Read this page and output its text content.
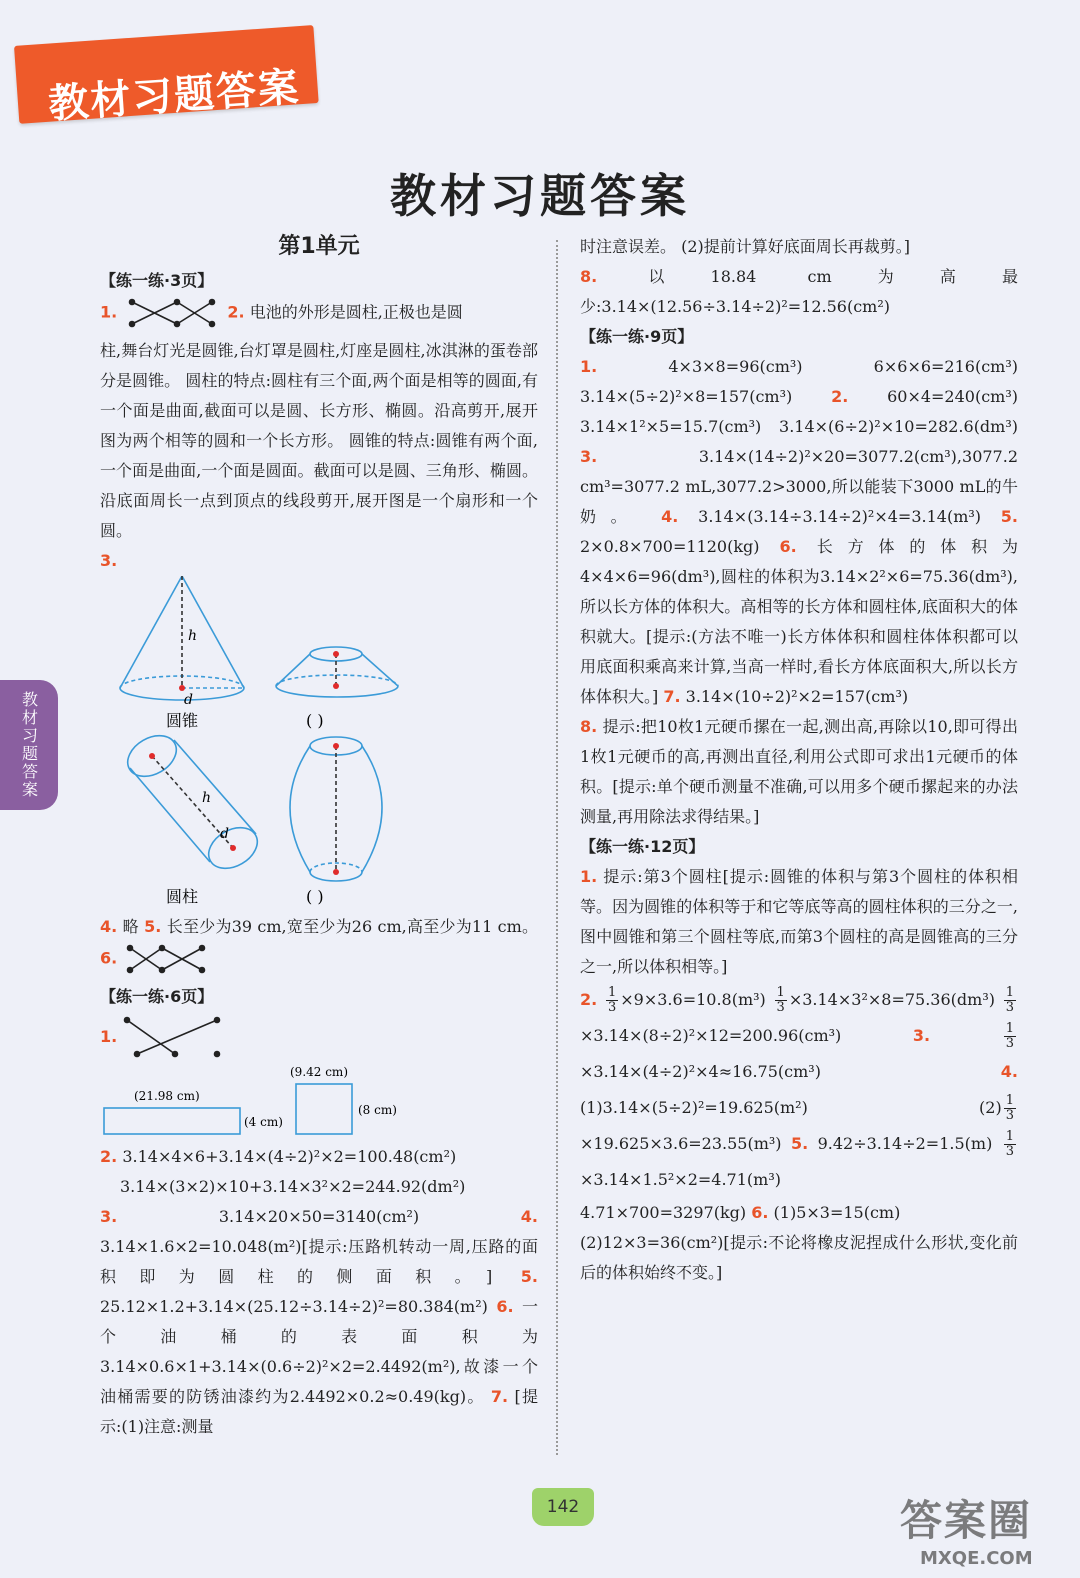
教材习题答案
教材习题答案
教材习题答案
第1单元

【练一练·3页】

1.	2. 电池的外形是圆柱,正极也是圆

柱,舞台灯光是圆锥,台灯罩是圆柱,灯座是圆柱,冰淇淋的蛋卷部分是圆锥。 圆柱的特点:圆柱有三个面,两个面是相等的圆面,有一个面是曲面,截面可以是圆、长方形、椭圆。沿高剪开,展开图为两个相等的圆和一个长方形。 圆锥的特点:圆锥有两个面,一个面是曲面,一个面是圆面。截面可以是圆、三角形、椭圆。沿底面周长一点到顶点的线段剪开,展开图是一个扇形和一个圆。

3.

h
d
h
d
圆锥	( )
圆柱	( )

4. 略 5. 长至少为39 cm,宽至少为26 cm,高至少为11 cm。 6.

【练一练·6页】

1.

(21.98 cm)
(4 cm)
(9.42 cm)
(8 cm)

2. 3.14×4×6+3.14×(4÷2)²×2=100.48(cm²)

3.14×(3×2)×10+3.14×3²×2=244.92(dm²)

3.	3.14×20×50=3140(cm²)	4. 3.14×1.6×2=10.048(m²)[提示:压路机转动一周,压路的面积即为圆柱的侧面积。] 5. 25.12×1.2+3.14×(25.12÷3.14÷2)²=80.384(m²) 6. 一个油桶的表面积为3.14×0.6×1+3.14×(0.6÷2)²×2=2.4492(m²),故漆一个油桶需要的防锈油漆约为2.4492×0.2≈0.49(kg)。 7. [提示:(1)注意:测量

时注意误差。 (2)提前计算好底面周长再裁剪。]

8.	以18.84 cm为高最少:3.14×(12.56÷3.14÷2)²=12.56(cm²)

【练一练·9页】

1.	4×3×8=96(cm³) 6×6×6=216(cm³) 3.14×(5÷2)²×8=157(cm³) 2. 60×4=240(cm³) 3.14×1²×5=15.7(cm³) 3.14×(6÷2)²×10=282.6(dm³) 3.	3.14×(14÷2)²×20=3077.2(cm³),3077.2 cm³=3077.2 mL,3077.2>3000,所以能装下3000 mL的牛奶。 4. 3.14×(3.14÷3.14÷2)²×4=3.14(m³) 5. 2×0.8×700=1120(kg) 6. 长方体的体积为4×4×6=96(dm³),圆柱的体积为3.14×2²×6=75.36(dm³),所以长方体的体积大。高相等的长方体和圆柱体,底面积大的体积就大。[提示:(方法不唯一)长方体体积和圆柱体体积都可以用底面积乘高来计算,当高一样时,看长方体底面积大,所以长方体体积大。] 7. 3.14×(10÷2)²×2=157(cm³)

8. 提示:把10枚1元硬币摞在一起,测出高,再除以10,即可得出1枚1元硬币的高,再测出直径,利用公式即可求出1元硬币的体积。[提示:单个硬币测量不准确,可以用多个硬币摞起来的办法测量,再用除法求得结果。]

【练一练·12页】

1. 提示:第3个圆柱[提示:圆锥的体积与第3个圆柱的体积相等。因为圆锥的体积等于和它等底等高的圆柱体积的三分之一,图中圆锥和第三个圆柱等底,而第3个圆柱的高是圆锥高的三分之一,所以体积相等。]

2. $\frac{1}{3} \times 9\times 3.6=10.8(m^3) \frac{1}{3} \times 3.14\times 3^2\times 8=75.36(dm^3) \frac{1}{3}$
×3.14×(8÷2)²×12=200.96(cm³)	3.	$\frac{1}{3}$
×3.14×(4÷2)²×4≈16.75(cm³)	4. (1)3.14×(5÷2)²=19.625(m²)	$(2) \frac{1}{3}$
×19.625×3.6=23.55(m³) 5. $9.42\div 3.14\div 2=1.5(m) \frac{1}{3}$
×3.14×1.5²×2=4.71(m³)

4.71×700=3297(kg) 6. (1)5×3=15(cm)

(2)12×3=36(cm²)[提示:不论将橡皮泥捏成什么形状,变化前后的体积始终不变。]

142	答案圈
MXQE.COM
